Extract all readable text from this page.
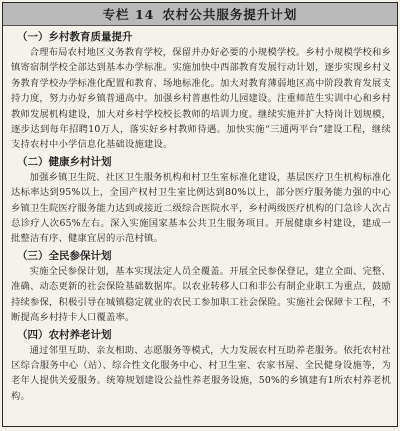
专栏 14 农村公共服务提升计划
（一）乡村教育质量提升

合理布局农村地区义务教育学校，保留并办好必要的小规模学校。乡村小规模学校和乡镇寄宿制学校全部达到基本办学标准。实施加快中西部教育发展行动计划，逐步实现乡村义务教育学校办学标准化配置和教育、场地标准化。加大对教育薄弱地区高中阶段教育发展支持力度，努力办好乡镇普通高中。加强乡村普惠性幼儿园建设。注重师范生实训中心和乡村教师发展机构建设，加大对乡村学校校长教师的培训力度。继续实施并扩大特岗计划规模，逐步达到每年招聘10万人，落实好乡村教师待遇。加快实施“三通两平台”建设工程，继续支持农村中小学信息化基础设施建设。

（二）健康乡村计划

加强乡镇卫生院、社区卫生服务机构和村卫生室标准化建设，基层医疗卫生机构标准化达标率达到95%以上，全国产权村卫生室比例达到80%以上，部分医疗服务能力强的中心乡镇卫生院医疗服务能力达到或接近二级综合医院水平，乡村两级医疗机构的门急诊人次占总诊疗人次65%左右。深入实施国家基本公共卫生服务项目。开展健康乡村建设，建成一批整洁有序、健康宜居的示范村镇。

（三）全民参保计划

实施全民参保计划，基本实现法定人员全覆盖。开展全民参保登记，建立全面、完整、准确、动态更新的社会保险基础数据库。以农业转移人口和非公有制企业职工为重点，鼓励持续参保，积极引导在城镇稳定就业的农民工参加职工社会保险。实施社会保障卡工程，不断提高乡村持卡人口覆盖率。

（四）农村养老计划

通过邻里互助、亲友相助、志愿服务等模式，大力发展农村互助养老服务。依托农村社区综合服务中心（站）、综合性文化服务中心、村卫生室、农家书屋、全民健身设施等，为老年人提供关爱服务。统筹规划建设公益性养老服务设施，50%的乡镇建有1所农村养老机构。
